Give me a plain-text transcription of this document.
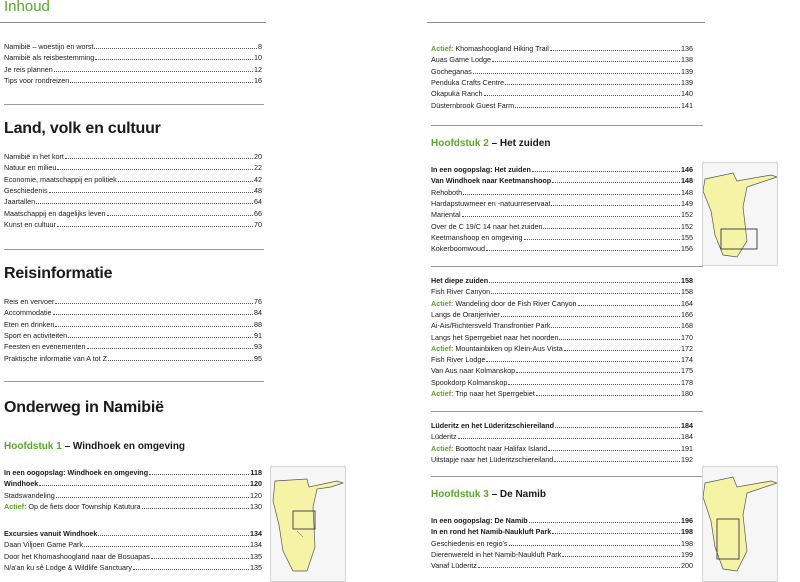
Inhoud
Namibië – woestijn en worst	8
Namibië als reisbestemming	10
Je reis plannen	12
Tips voor rondreizen	16
Land, volk en cultuur
Namibië in het kort	20
Natuur en milieu	22
Economie, maatschappij en politiek	42
Geschiedenis	48
Jaartallen	64
Maatschappij en dagelijks leven	66
Kunst en cultuur	70
Reisinformatie
Reis en vervoer	76
Accommodatie	84
Eten en drinken	88
Sport en activiteiten	91
Feesten en evenementen	93
Praktische informatie van A tot Z	95
Onderweg in Namibië
Hoofdstuk 1 – Windhoek en omgeving
In een oogopslag: Windhoek en omgeving	118
Windhoek	120
Stadswandeling	120
Actief: Op de fiets door Township Katutura	130
Excursies vanuit Windhoek	134
Daan Viljoen Game Park	134
Door het Khomashoogland naar de Bosuapas	135
N/a'an ku sê Lodge & Wildlife Sanctuary	135
Actief: Khomashoogland Hiking Trail	136
Auas Game Lodge	138
Gocheganas	139
Penduka Crafts Centre	139
Okapuka Ranch	140
Düsternbrook Guest Farm	141
Hoofdstuk 2 – Het zuiden
In een oogopslag: Het zuiden	146
Van Windhoek naar Keetmanshoop	148
Rehoboth	148
Hardapstuwmeer en -natuurreservaat	149
Mariental	152
Over de C 19/C 14 naar het zuiden	152
Keetmanshoop en omgeving	155
Kokerboomwoud	156
Het diepe zuiden	158
Fish River Canyon	158
Actief: Wandeling door de Fish River Canyon	164
Langs de Oranjerivier	166
Ai-Ais/Richtersveld Transfrontier Park	168
Langs het Sperrgebiet naar het noorden	170
Actief: Mountainbiken op Klein-Aus Vista	172
Fish River Lodge	174
Van Aus naar Kolmanskop	175
Spookdorp Kolmanskop	178
Actief: Trip naar het Sperrgebiet	180
Lüderitz en het Lüderitzschiereiland	184
Lüderitz	184
Actief: Boottocht naar Halifax Island	191
Uitstapje naar het Lüderitzschiereiland	192
Hoofdstuk 3 – De Namib
In een oogopslag: De Namib	196
In en rond het Namib-Naukluft Park	198
Geschiedenis en regio's	198
Dierenwereld in het Namib-Naukluft Park	199
Vanaf Lüderitz	200
